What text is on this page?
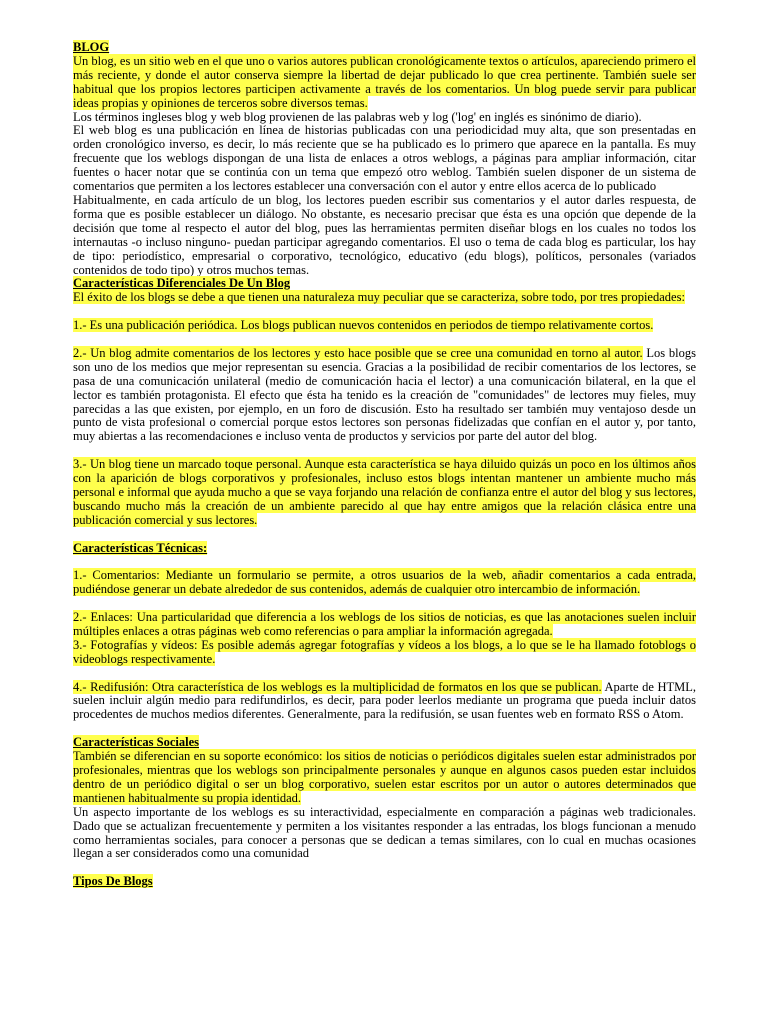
BLOG

Un blog, es un sitio web en el que uno o varios autores publican cronológicamente textos o artículos, apareciendo primero el más reciente, y donde el autor conserva siempre la libertad de dejar publicado lo que crea pertinente. También suele ser habitual que los propios lectores participen activamente a través de los comentarios. Un blog puede servir para publicar ideas propias y opiniones de terceros sobre diversos temas.

Los términos ingleses blog y web blog provienen de las palabras web y log ('log' en inglés es sinónimo de diario).

El web blog es una publicación en línea de historias publicadas con una periodicidad muy alta, que son presentadas en orden cronológico inverso, es decir, lo más reciente que se ha publicado es lo primero que aparece en la pantalla. Es muy frecuente que los weblogs dispongan de una lista de enlaces a otros weblogs, a páginas para ampliar información, citar fuentes o hacer notar que se continúa con un tema que empezó otro weblog. También suelen disponer de un sistema de comentarios que permiten a los lectores establecer una conversación con el autor y entre ellos acerca de lo publicado

Habitualmente, en cada artículo de un blog, los lectores pueden escribir sus comentarios y el autor darles respuesta, de forma que es posible establecer un diálogo. No obstante, es necesario precisar que ésta es una opción que depende de la decisión que tome al respecto el autor del blog, pues las herramientas permiten diseñar blogs en los cuales no todos los internautas -o incluso ninguno- puedan participar agregando comentarios. El uso o tema de cada blog es particular, los hay de tipo: periodístico, empresarial o corporativo, tecnológico, educativo (edu blogs), políticos, personales (variados contenidos de todo tipo) y otros muchos temas.

Características Diferenciales De Un Blog

El éxito de los blogs se debe a que tienen una naturaleza muy peculiar que se caracteriza, sobre todo, por tres propiedades:

1.- Es una publicación periódica. Los blogs publican nuevos contenidos en periodos de tiempo relativamente cortos.

2.- Un blog admite comentarios de los lectores y esto hace posible que se cree una comunidad en torno al autor. Los blogs son uno de los medios que mejor representan su esencia. Gracias a la posibilidad de recibir comentarios de los lectores, se pasa de una comunicación unilateral (medio de comunicación hacia el lector) a una comunicación bilateral, en la que el lector es también protagonista. El efecto que ésta ha tenido es la creación de "comunidades" de lectores muy fieles, muy parecidas a las que existen, por ejemplo, en un foro de discusión. Esto ha resultado ser también muy ventajoso desde un punto de vista profesional o comercial porque estos lectores son personas fidelizadas que confían en el autor y, por tanto, muy abiertas a las recomendaciones e incluso venta de productos y servicios por parte del autor del blog.

3.- Un blog tiene un marcado toque personal. Aunque esta característica se haya diluido quizás un poco en los últimos años con la aparición de blogs corporativos y profesionales, incluso estos blogs intentan mantener un ambiente mucho más personal e informal que ayuda mucho a que se vaya forjando una relación de confianza entre el autor del blog y sus lectores, buscando mucho más la creación de un ambiente parecido al que hay entre amigos que la relación clásica entre una publicación comercial y sus lectores.

Características Técnicas:

1.- Comentarios: Mediante un formulario se permite, a otros usuarios de la web, añadir comentarios a cada entrada, pudiéndose generar un debate alrededor de sus contenidos, además de cualquier otro intercambio de información.

2.- Enlaces: Una particularidad que diferencia a los weblogs de los sitios de noticias, es que las anotaciones suelen incluir múltiples enlaces a otras páginas web como referencias o para ampliar la información agregada.

3.- Fotografías y vídeos: Es posible además agregar fotografías y vídeos a los blogs, a lo que se le ha llamado fotoblogs o videoblogs respectivamente.

4.- Redifusión: Otra característica de los weblogs es la multiplicidad de formatos en los que se publican. Aparte de HTML, suelen incluir algún medio para redifundirlos, es decir, para poder leerlos mediante un programa que pueda incluir datos procedentes de muchos medios diferentes. Generalmente, para la redifusión, se usan fuentes web en formato RSS o Atom.

Características Sociales

También se diferencian en su soporte económico: los sitios de noticias o periódicos digitales suelen estar administrados por profesionales, mientras que los weblogs son principalmente personales y aunque en algunos casos pueden estar incluidos dentro de un periódico digital o ser un blog corporativo, suelen estar escritos por un autor o autores determinados que mantienen habitualmente su propia identidad.

Un aspecto importante de los weblogs es su interactividad, especialmente en comparación a páginas web tradicionales. Dado que se actualizan frecuentemente y permiten a los visitantes responder a las entradas, los blogs funcionan a menudo como herramientas sociales, para conocer a personas que se dedican a temas similares, con lo cual en muchas ocasiones llegan a ser considerados como una comunidad

Tipos De Blogs
